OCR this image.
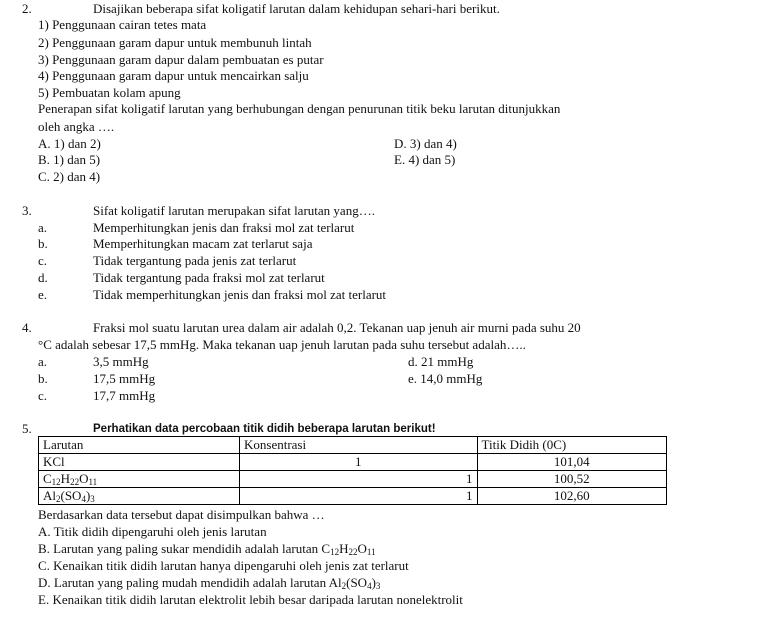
2.	Disajikan beberapa sifat koligatif larutan dalam kehidupan sehari-hari berikut.
1) Penggunaan cairan tetes mata
2) Penggunaan garam dapur untuk membunuh lintah
3) Penggunaan garam dapur dalam pembuatan es putar
4) Penggunaan garam dapur untuk mencairkan salju
5) Pembuatan kolam apung
Penerapan sifat koligatif larutan yang berhubungan dengan penurunan titik beku larutan ditunjukkan
oleh angka ….
A. 1) dan 2)
B. 1) dan 5)
C. 2) dan 4)
D. 3) dan 4)
E. 4) dan 5)
3.	Sifat koligatif larutan merupakan sifat larutan yang….
a.	Memperhitungkan jenis dan fraksi mol zat terlarut
b.	Memperhitungkan macam zat terlarut saja
c.	Tidak tergantung pada jenis zat terlarut
d.	Tidak tergantung pada fraksi mol zat terlarut
e.	Tidak memperhitungkan jenis dan fraksi mol zat terlarut
4.	Fraksi mol suatu larutan urea dalam air adalah 0,2. Tekanan uap jenuh air murni pada suhu 20
°C adalah sebesar 17,5 mmHg. Maka tekanan uap jenuh larutan pada suhu tersebut adalah…..
a.	3,5 mmHg
b.	17,5 mmHg
c.	17,7 mmHg
d. 21 mmHg
e. 14,0 mmHg
5.	Perhatikan data percobaan titik didih beberapa larutan berikut!
Larutan	Konsentrasi	Titik Didih (0C)
KCl	1	101,04
$C_{12}H_{22}O_{11}$	1	100,52
$Al_2(SO_4)_3$	1	102,60
Berdasarkan data tersebut dapat disimpulkan bahwa …
A. Titik didih dipengaruhi oleh jenis larutan
B. Larutan yang paling sukar mendidih adalah larutan $C_{12}H_{22}O_{11}$
C. Kenaikan titik didih larutan hanya dipengaruhi oleh jenis zat terlarut
D. Larutan yang paling mudah mendidih adalah larutan $Al_2(SO_4)_3$
E. Kenaikan titik didih larutan elektrolit lebih besar daripada larutan nonelektrolit
